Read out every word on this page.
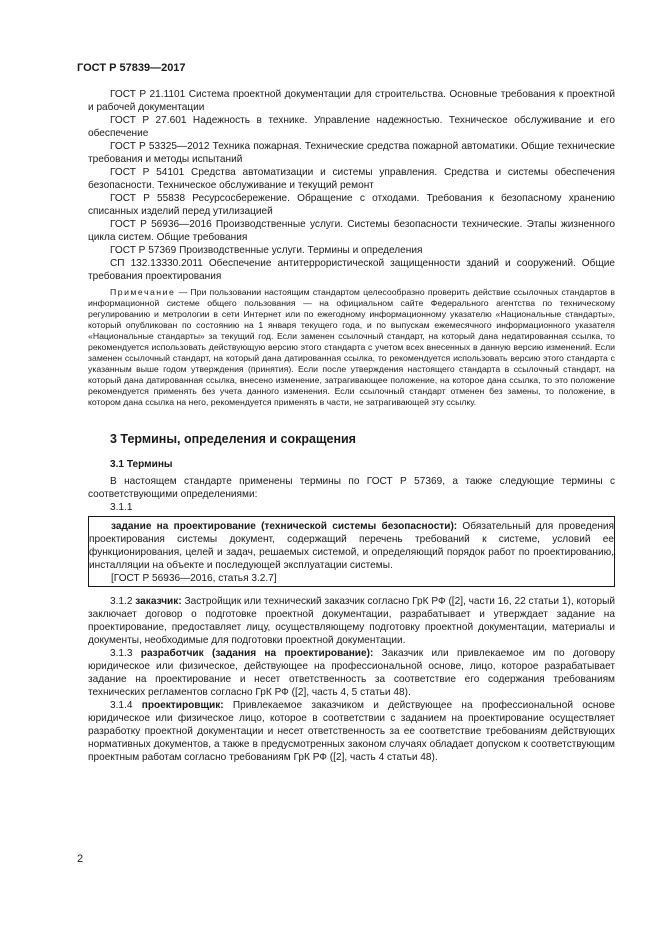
ГОСТ Р 57839—2017

ГОСТ Р 21.1101 Система проектной документации для строительства. Основные требования к проектной и рабочей документации

ГОСТ Р 27.601 Надежность в технике. Управление надежностью. Техническое обслуживание и его обеспечение

ГОСТ Р 53325—2012 Техника пожарная. Технические средства пожарной автоматики. Общие технические требования и методы испытаний

ГОСТ Р 54101 Средства автоматизации и системы управления. Средства и системы обеспечения безопасности. Техническое обслуживание и текущий ремонт

ГОСТ Р 55838 Ресурсосбережение. Обращение с отходами. Требования к безопасному хранению списанных изделий перед утилизацией

ГОСТ Р 56936—2016 Производственные услуги. Системы безопасности технические. Этапы жизненного цикла систем. Общие требования

ГОСТ Р 57369 Производственные услуги. Термины и определения

СП 132.13330.2011 Обеспечение антитеррористической защищенности зданий и сооружений. Общие требования проектирования

Примечание — При пользовании настоящим стандартом целесообразно проверить действие ссылочных стандартов в информационной системе общего пользования — на официальном сайте Федерального агентства по техническому регулированию и метрологии в сети Интернет или по ежегодному информационному указателю «Национальные стандарты», который опубликован по состоянию на 1 января текущего года, и по выпускам ежемесячного информационного указателя «Национальные стандарты» за текущий год. Если заменен ссылочный стандарт, на который дана недатированная ссылка, то рекомендуется использовать действующую версию этого стандарта с учетом всех внесенных в данную версию изменений. Если заменен ссылочный стандарт, на который дана датированная ссылка, то рекомендуется использовать версию этого стандарта с указанным выше годом утверждения (принятия). Если после утверждения настоящего стандарта в ссылочный стандарт, на который дана датированная ссылка, внесено изменение, затрагивающее положение, на которое дана ссылка, то это положение рекомендуется применять без учета данного изменения. Если ссылочный стандарт отменен без замены, то положение, в котором дана ссылка на него, рекомендуется применять в части, не затрагивающей эту ссылку.

3 Термины, определения и сокращения
3.1 Термины

В настоящем стандарте применены термины по ГОСТ Р 57369, а также следующие термины с соответствующими определениями:

3.1.1

задание на проектирование (технической системы безопасности): Обязательный для проведения проектирования системы документ, содержащий перечень требований к системе, условий ее функционирования, целей и задач, решаемых системой, и определяющий порядок работ по проектированию, инсталляции на объекте и последующей эксплуатации системы.

[ГОСТ Р 56936—2016, статья 3.2.7]

3.1.2 заказчик: Застройщик или технический заказчик согласно ГрК РФ ([2], части 16, 22 статьи 1), который заключает договор о подготовке проектной документации, разрабатывает и утверждает задание на проектирование, предоставляет лицу, осуществляющему подготовку проектной документации, материалы и документы, необходимые для подготовки проектной документации.

3.1.3 разработчик (задания на проектирование): Заказчик или привлекаемое им по договору юридическое или физическое, действующее на профессиональной основе, лицо, которое разрабатывает задание на проектирование и несет ответственность за соответствие его содержания требованиям технических регламентов согласно ГрК РФ ([2], часть 4, 5 статьи 48).

3.1.4 проектировщик: Привлекаемое заказчиком и действующее на профессиональной основе юридическое или физическое лицо, которое в соответствии с заданием на проектирование осуществляет разработку проектной документации и несет ответственность за ее соответствие требованиям действующих нормативных документов, а также в предусмотренных законом случаях обладает допуском к соответствующим проектным работам согласно требованиям ГрК РФ ([2], часть 4 статьи 48).

2
